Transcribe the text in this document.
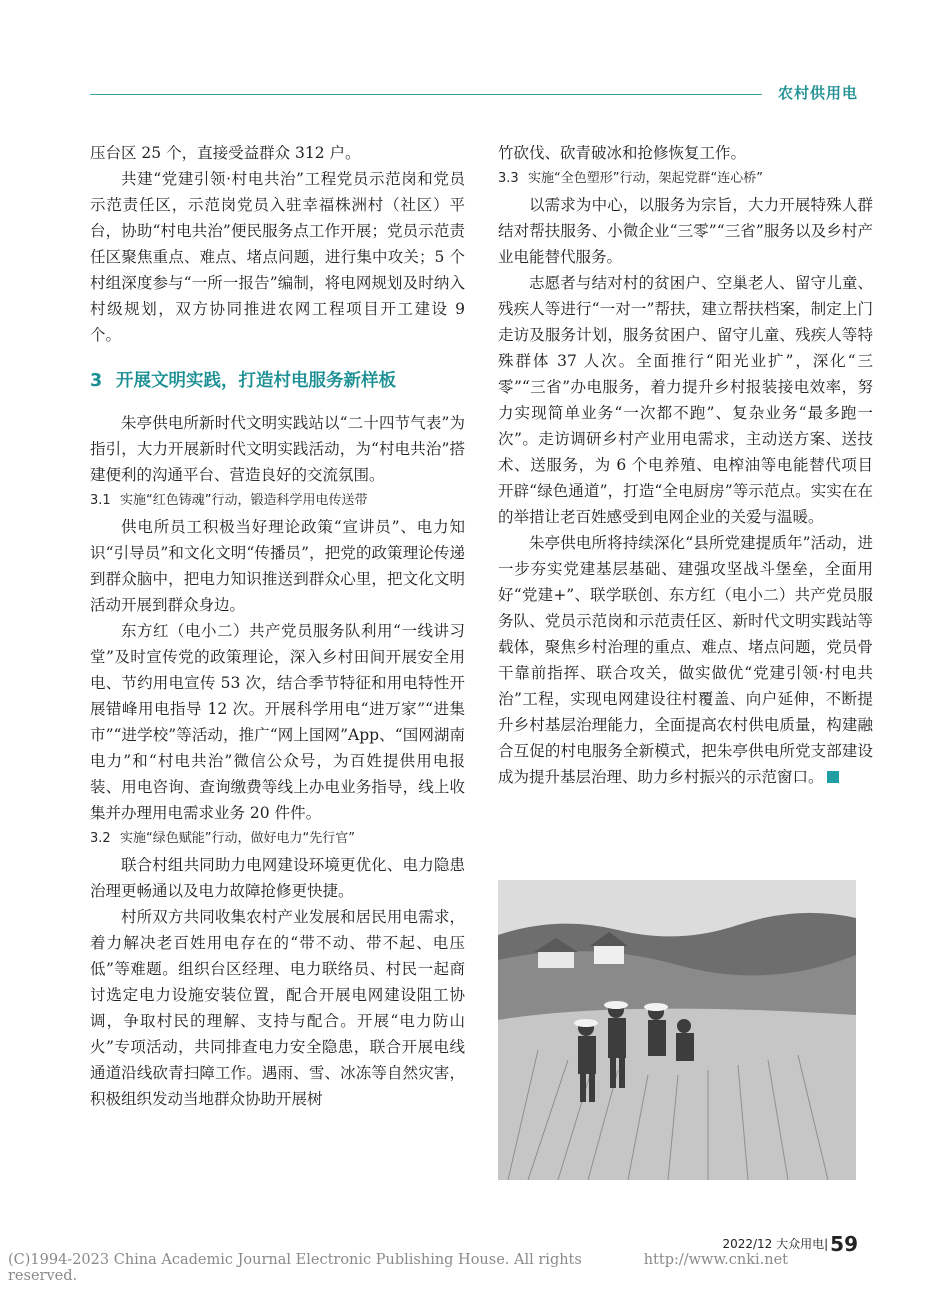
农村供用电

压台区 25 个，直接受益群众 312 户。

共建“党建引领·村电共治”工程党员示范岗和党员示范责任区，示范岗党员入驻幸福株洲村（社区）平台，协助“村电共治”便民服务点工作开展；党员示范责任区聚焦重点、难点、堵点问题，进行集中攻关；5 个村组深度参与“一所一报告”编制，将电网规划及时纳入村级规划，双方协同推进农网工程项目开工建设 9 个。

3 开展文明实践，打造村电服务新样板

朱亭供电所新时代文明实践站以“二十四节气表”为指引，大力开展新时代文明实践活动，为“村电共治”搭建便利的沟通平台、营造良好的交流氛围。

3.1 实施“红色铸魂”行动，锻造科学用电传送带

供电所员工积极当好理论政策“宣讲员”、电力知识“引导员”和文化文明“传播员”，把党的政策理论传递到群众脑中，把电力知识推送到群众心里，把文化文明活动开展到群众身边。

东方红（电小二）共产党员服务队利用“一线讲习堂”及时宣传党的政策理论，深入乡村田间开展安全用电、节约用电宣传 53 次，结合季节特征和用电特性开展错峰用电指导 12 次。开展科学用电“进万家”“进集市”“进学校”等活动，推广“网上国网”App、“国网湖南电力”和“村电共治”微信公众号，为百姓提供用电报装、用电咨询、查询缴费等线上办电业务指导，线上收集并办理用电需求业务 20 件件。

3.2 实施“绿色赋能”行动，做好电力“先行官”

联合村组共同助力电网建设环境更优化、电力隐患治理更畅通以及电力故障抢修更快捷。

村所双方共同收集农村产业发展和居民用电需求，着力解决老百姓用电存在的“带不动、带不起、电压低”等难题。组织台区经理、电力联络员、村民一起商讨选定电力设施安装位置，配合开展电网建设阻工协调，争取村民的理解、支持与配合。开展“电力防山火”专项活动，共同排查电力安全隐患，联合开展电线通道沿线砍青扫障工作。遇雨、雪、冰冻等自然灾害，积极组织发动当地群众协助开展树

竹砍伐、砍青破冰和抢修恢复工作。

3.3 实施“全色塑形”行动，架起党群“连心桥”

以需求为中心，以服务为宗旨，大力开展特殊人群结对帮扶服务、小微企业“三零”“三省”服务以及乡村产业电能替代服务。

志愿者与结对村的贫困户、空巢老人、留守儿童、残疾人等进行“一对一”帮扶，建立帮扶档案，制定上门走访及服务计划，服务贫困户、留守儿童、残疾人等特殊群体 37 人次。全面推行“阳光业扩”，深化“三零”“三省”办电服务，着力提升乡村报装接电效率，努力实现简单业务“一次都不跑”、复杂业务“最多跑一次”。走访调研乡村产业用电需求，主动送方案、送技术、送服务，为 6 个电养殖、电榨油等电能替代项目开辟“绿色通道”，打造“全电厨房”等示范点。实实在在的举措让老百姓感受到电网企业的关爱与温暖。

朱亭供电所将持续深化“县所党建提质年”活动，进一步夯实党建基层基础、建强攻坚战斗堡垒，全面用好“党建+”、联学联创、东方红（电小二）共产党员服务队、党员示范岗和示范责任区、新时代文明实践站等载体，聚焦乡村治理的重点、难点、堵点问题，党员骨干靠前指挥、联合攻关，做实做优“党建引领·村电共治”工程，实现电网建设往村覆盖、向户延伸，不断提升乡村基层治理能力，全面提高农村供电质量，构建融合互促的村电服务全新模式，把朱亭供电所党支部建设成为提升基层治理、助力乡村振兴的示范窗口。

2022/12 大众用电| 59
(C)1994-2023 China Academic Journal Electronic Publishing House. All rights reserved.
http://www.cnki.net
